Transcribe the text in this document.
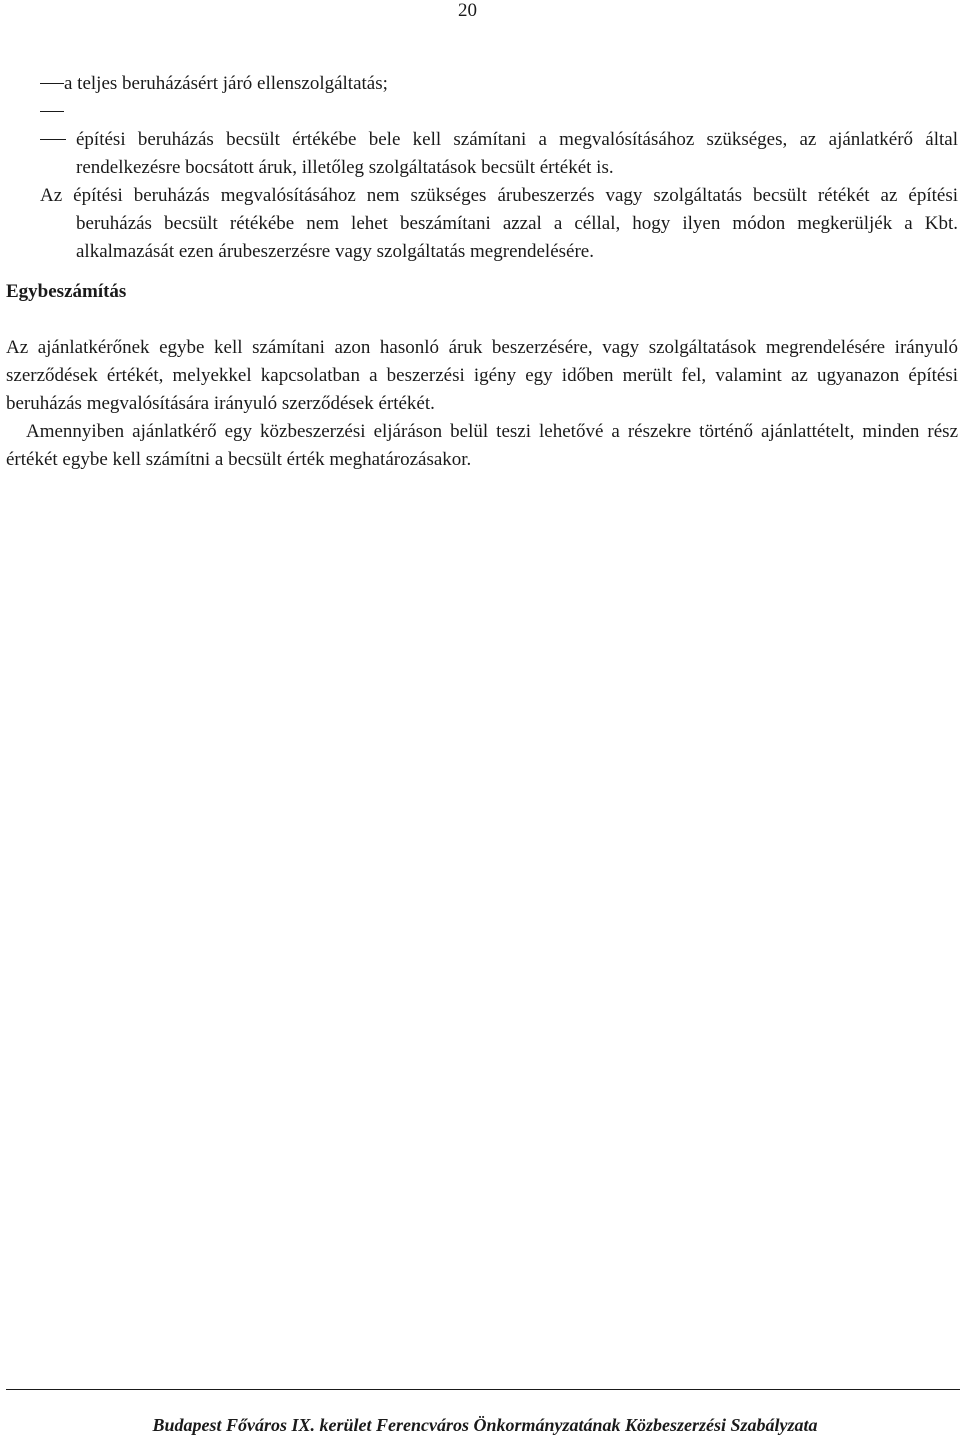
20
a teljes beruházásért járó ellenszolgáltatás;
építési beruházás becsült értékébe bele kell számítani a megvalósításához szükséges, az ajánlatkérő által rendelkezésre bocsátott áruk, illetőleg szolgáltatások becsült értékét is.
Az építési beruházás megvalósításához nem szükséges árubeszerzés vagy szolgáltatás becsült rétékét az építési beruházás becsült rétékébe nem lehet beszámítani azzal a céllal, hogy ilyen módon megkerüljék a Kbt. alkalmazását ezen árubeszerzésre vagy szolgáltatás megrendelésére.
Egybeszámítás
Az ajánlatkérőnek egybe kell számítani azon hasonló áruk beszerzésére, vagy szolgáltatások megrendelésére irányuló szerződések értékét, melyekkel kapcsolatban a beszerzési igény egy időben merült fel, valamint az ugyanazon építési beruházás megvalósítására irányuló szerződések értékét.
Amennyiben ajánlatkérő egy közbeszerzési eljáráson belül teszi lehetővé a részekre történő ajánlattételt, minden rész értékét egybe kell számítni a becsült érték meghatározásakor.
Budapest Főváros IX. kerület Ferencváros Önkormányzatának Közbeszerzési Szabályzata
